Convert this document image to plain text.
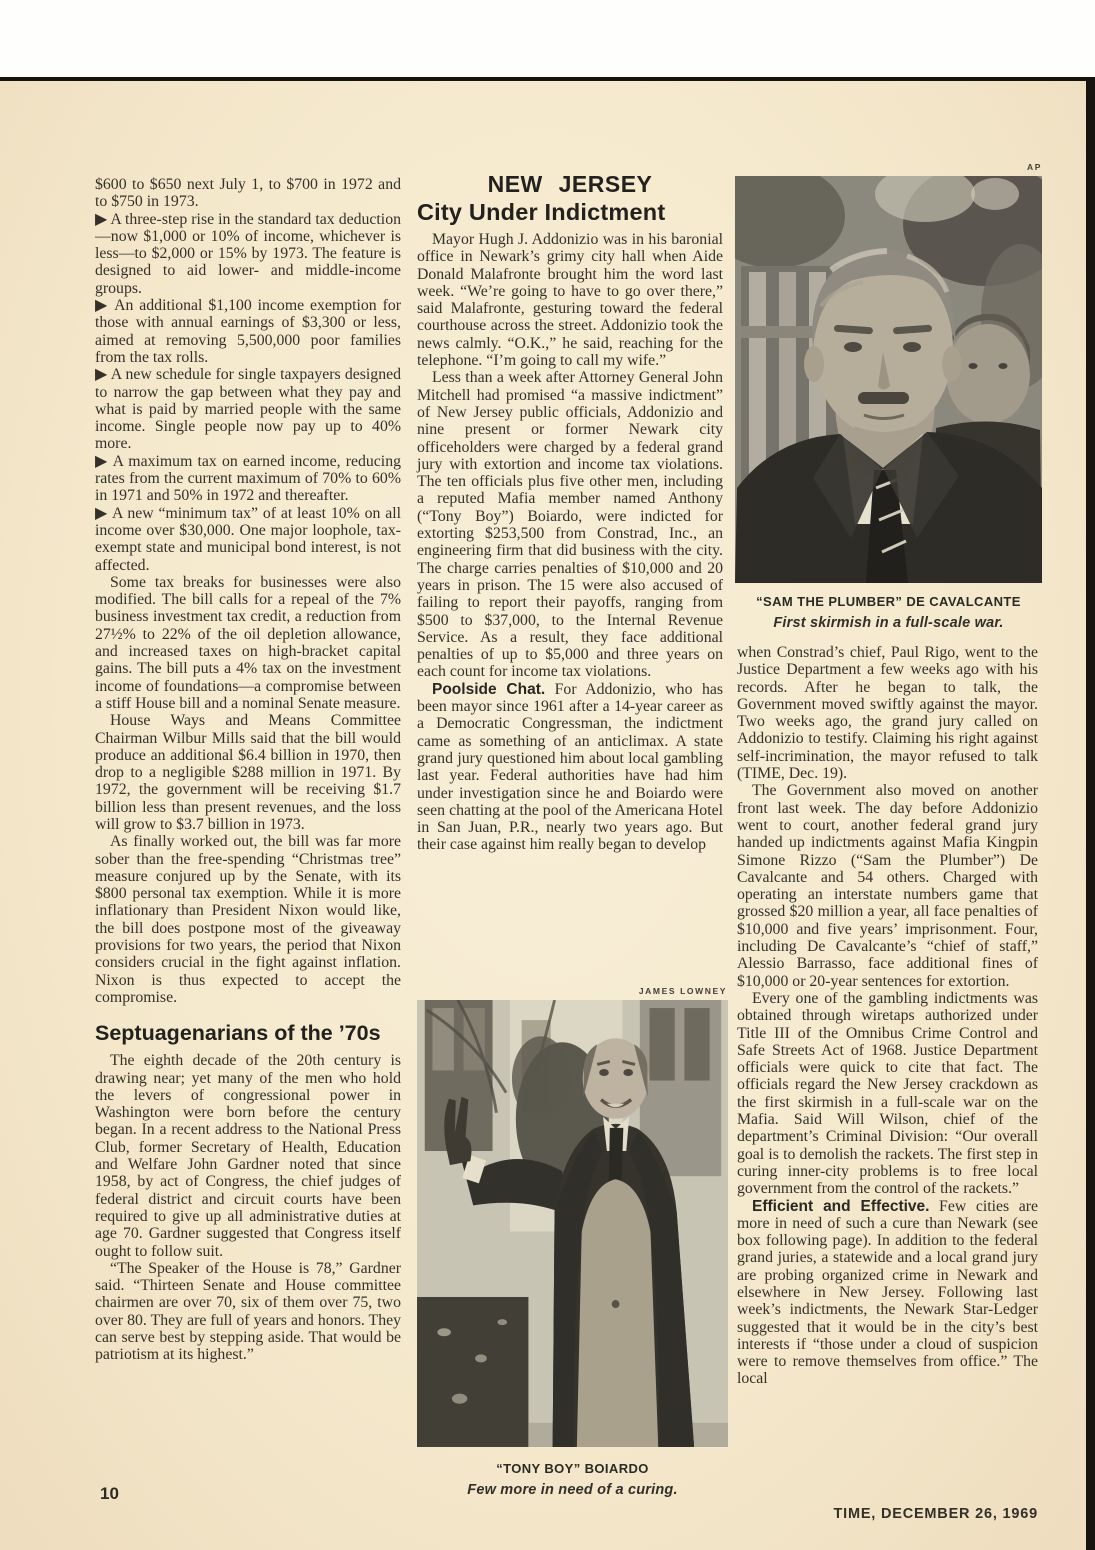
$600 to $650 next July 1, to $700 in 1972 and to $750 in 1973.

▶ A three-step rise in the standard tax deduction—now $1,000 or 10% of income, whichever is less—to $2,000 or 15% by 1973. The feature is designed to aid lower- and middle-income groups.

▶ An additional $1,100 income exemption for those with annual earnings of $3,300 or less, aimed at removing 5,500,000 poor families from the tax rolls.

▶ A new schedule for single taxpayers designed to narrow the gap between what they pay and what is paid by married people with the same income. Single people now pay up to 40% more.

▶ A maximum tax on earned income, reducing rates from the current maximum of 70% to 60% in 1971 and 50% in 1972 and thereafter.

▶ A new “minimum tax” of at least 10% on all income over $30,000. One major loophole, tax-exempt state and municipal bond interest, is not affected.

Some tax breaks for businesses were also modified. The bill calls for a repeal of the 7% business investment tax credit, a reduction from 27½% to 22% of the oil depletion allowance, and increased taxes on high-bracket capital gains. The bill puts a 4% tax on the investment income of foundations—a compromise between a stiff House bill and a nominal Senate measure.

House Ways and Means Committee Chairman Wilbur Mills said that the bill would produce an additional $6.4 billion in 1970, then drop to a negligible $288 million in 1971. By 1972, the government will be receiving $1.7 billion less than present revenues, and the loss will grow to $3.7 billion in 1973.

As finally worked out, the bill was far more sober than the free-spending “Christmas tree” measure conjured up by the Senate, with its $800 personal tax exemption. While it is more inflationary than President Nixon would like, the bill does postpone most of the giveaway provisions for two years, the period that Nixon considers crucial in the fight against inflation. Nixon is thus expected to accept the compromise.

Septuagenarians of the ’70s

The eighth decade of the 20th century is drawing near; yet many of the men who hold the levers of congressional power in Washington were born before the century began. In a recent address to the National Press Club, former Secretary of Health, Education and Welfare John Gardner noted that since 1958, by act of Congress, the chief judges of federal district and circuit courts have been required to give up all administrative duties at age 70. Gardner suggested that Congress itself ought to follow suit.

“The Speaker of the House is 78,” Gardner said. “Thirteen Senate and House committee chairmen are over 70, six of them over 75, two over 80. They are full of years and honors. They can serve best by stepping aside. That would be patriotism at its highest.”

NEW JERSEY

City Under Indictment

Mayor Hugh J. Addonizio was in his baronial office in Newark’s grimy city hall when Aide Donald Malafronte brought him the word last week. “We’re going to have to go over there,” said Malafronte, gesturing toward the federal courthouse across the street. Addonizio took the news calmly. “O.K.,” he said, reaching for the telephone. “I’m going to call my wife.”

Less than a week after Attorney General John Mitchell had promised “a massive indictment” of New Jersey public officials, Addonizio and nine present or former Newark city officeholders were charged by a federal grand jury with extortion and income tax violations. The ten officials plus five other men, including a reputed Mafia member named Anthony (“Tony Boy”) Boiardo, were indicted for extorting $253,500 from Constrad, Inc., an engineering firm that did business with the city. The charge carries penalties of $10,000 and 20 years in prison. The 15 were also accused of failing to report their payoffs, ranging from $500 to $37,000, to the Internal Revenue Service. As a result, they face additional penalties of up to $5,000 and three years on each count for income tax violations.

Poolside Chat. For Addonizio, who has been mayor since 1961 after a 14-year career as a Democratic Congressman, the indictment came as something of an anticlimax. A state grand jury questioned him about local gambling last year. Federal authorities have had him under investigation since he and Boiardo were seen chatting at the pool of the Americana Hotel in San Juan, P.R., nearly two years ago. But their case against him really began to develop

JAMES LOWNEY
“TONY BOY” BOIARDO
Few more in need of a curing.
AP
“SAM THE PLUMBER” DE CAVALCANTE
First skirmish in a full-scale war.

when Constrad’s chief, Paul Rigo, went to the Justice Department a few weeks ago with his records. After he began to talk, the Government moved swiftly against the mayor. Two weeks ago, the grand jury called on Addonizio to testify. Claiming his right against self-incrimination, the mayor refused to talk (TIME, Dec. 19).

The Government also moved on another front last week. The day before Addonizio went to court, another federal grand jury handed up indictments against Mafia Kingpin Simone Rizzo (“Sam the Plumber”) De Cavalcante and 54 others. Charged with operating an interstate numbers game that grossed $20 million a year, all face penalties of $10,000 and five years’ imprisonment. Four, including De Cavalcante’s “chief of staff,” Alessio Barrasso, face additional fines of $10,000 or 20-year sentences for extortion.

Every one of the gambling indictments was obtained through wiretaps authorized under Title III of the Omnibus Crime Control and Safe Streets Act of 1968. Justice Department officials were quick to cite that fact. The officials regard the New Jersey crackdown as the first skirmish in a full-scale war on the Mafia. Said Will Wilson, chief of the department’s Criminal Division: “Our overall goal is to demolish the rackets. The first step in curing inner-city problems is to free local government from the control of the rackets.”

Efficient and Effective. Few cities are more in need of such a cure than Newark (see box following page). In addition to the federal grand juries, a statewide and a local grand jury are probing organized crime in Newark and elsewhere in New Jersey. Following last week’s indictments, the Newark Star-Ledger suggested that it would be in the city’s best interests if “those under a cloud of suspicion were to remove themselves from office.” The local

10
TIME, DECEMBER 26, 1969
